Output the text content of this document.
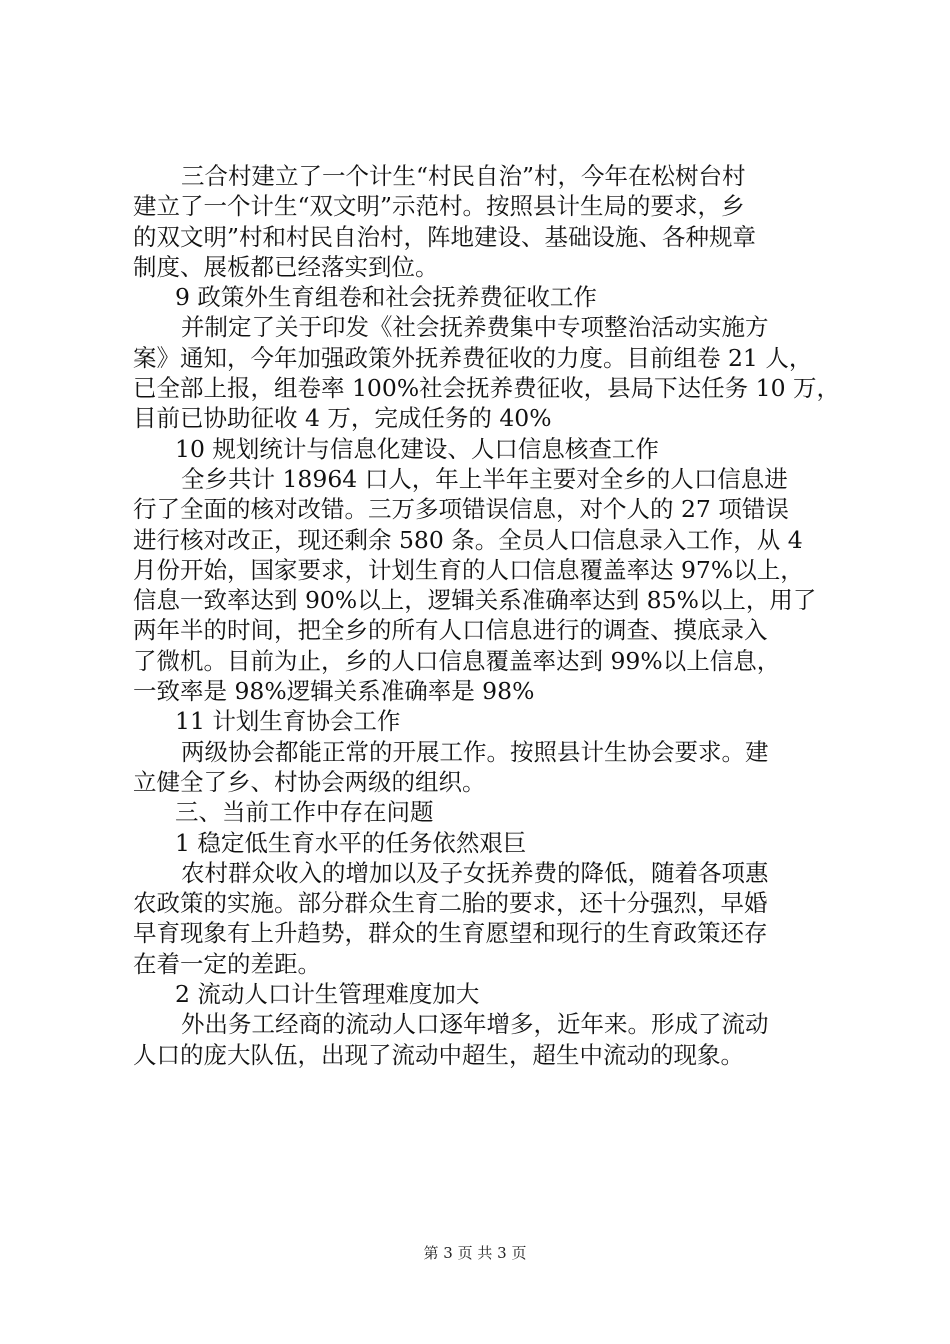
三合村建立了一个计生“村民自治”村，今年在松树台村
建立了一个计生“双文明”示范村。按照县计生局的要求，乡
的双文明”村和村民自治村，阵地建设、基础设施、各种规章
制度、展板都已经落实到位。
9 政策外生育组卷和社会抚养费征收工作
并制定了关于印发《社会抚养费集中专项整治活动实施方
案》通知，今年加强政策外抚养费征收的力度。目前组卷 21 人，
已全部上报，组卷率 100%社会抚养费征收，县局下达任务 10 万，
目前已协助征收 4 万，完成任务的 40%
10 规划统计与信息化建设、人口信息核查工作
全乡共计 18964 口人，年上半年主要对全乡的人口信息进
行了全面的核对改错。三万多项错误信息，对个人的 27 项错误
进行核对改正，现还剩余 580 条。全员人口信息录入工作，从 4
月份开始，国家要求，计划生育的人口信息覆盖率达 97%以上，
信息一致率达到 90%以上，逻辑关系准确率达到 85%以上，用了
两年半的时间，把全乡的所有人口信息进行的调查、摸底录入
了微机。目前为止，乡的人口信息覆盖率达到 99%以上信息，
一致率是 98%逻辑关系准确率是 98%
11 计划生育协会工作
两级协会都能正常的开展工作。按照县计生协会要求。建
立健全了乡、村协会两级的组织。
三、当前工作中存在问题
1 稳定低生育水平的任务依然艰巨
农村群众收入的增加以及子女抚养费的降低，随着各项惠
农政策的实施。部分群众生育二胎的要求，还十分强烈，早婚
早育现象有上升趋势，群众的生育愿望和现行的生育政策还存
在着一定的差距。
2 流动人口计生管理难度加大
外出务工经商的流动人口逐年增多，近年来。形成了流动
人口的庞大队伍，出现了流动中超生，超生中流动的现象。
第 3 页 共 3 页
